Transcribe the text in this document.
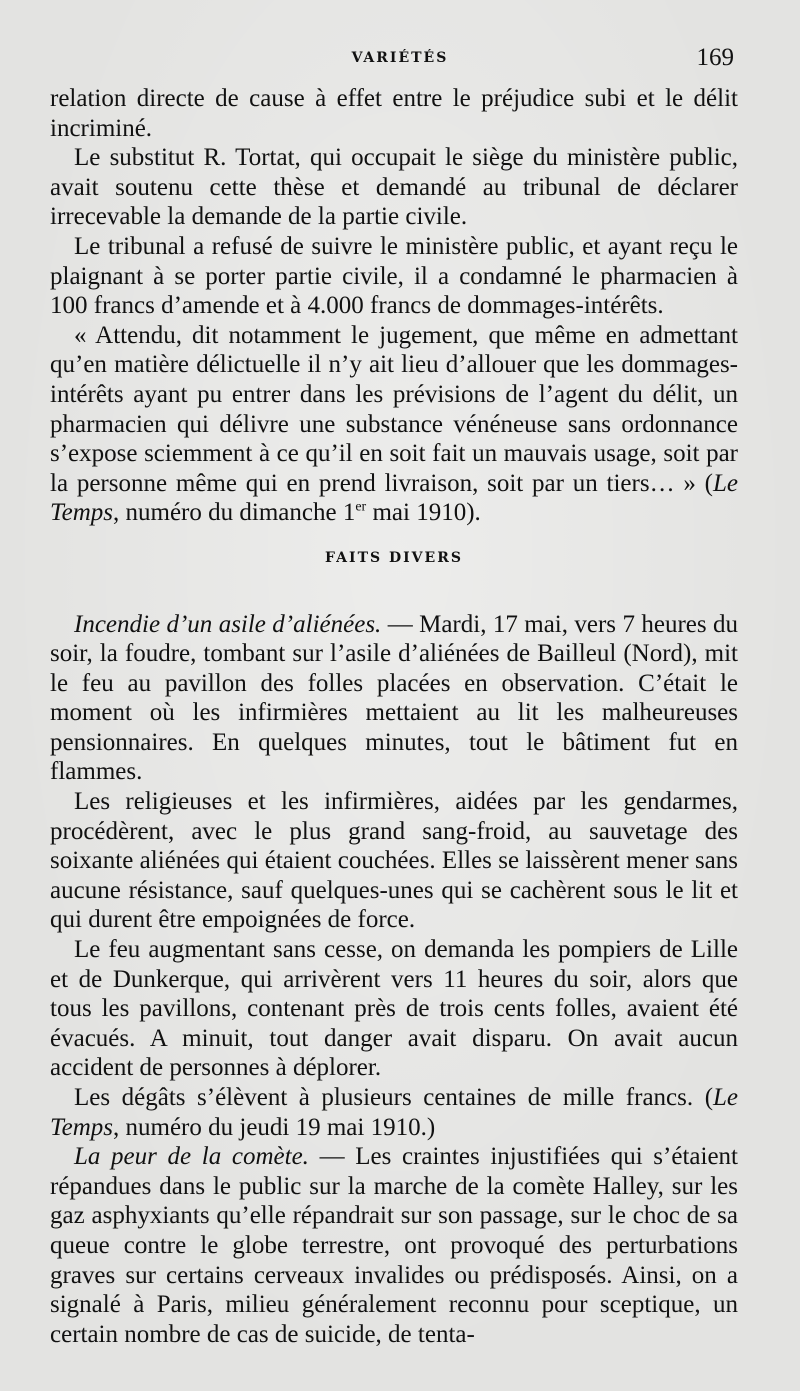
VARIÉTÉS	169

relation directe de cause à effet entre le préjudice subi et le délit incriminé.

Le substitut R. Tortat, qui occupait le siège du ministère public, avait soutenu cette thèse et demandé au tribunal de déclarer irrecevable la demande de la partie civile.

Le tribunal a refusé de suivre le ministère public, et ayant reçu le plaignant à se porter partie civile, il a condamné le pharmacien à 100 francs d’amende et à 4.000 francs de dommages-intérêts.

« Attendu, dit notamment le jugement, que même en admettant qu’en matière délictuelle il n’y ait lieu d’allouer que les dommages-intérêts ayant pu entrer dans les prévisions de l’agent du délit, un pharmacien qui délivre une substance vénéneuse sans ordonnance s’expose sciemment à ce qu’il en soit fait un mauvais usage, soit par la personne même qui en prend livraison, soit par un tiers… » (Le Temps, numéro du dimanche 1er mai 1910).

FAITS DIVERS

Incendie d’un asile d’aliénées. — Mardi, 17 mai, vers 7 heures du soir, la foudre, tombant sur l’asile d’aliénées de Bailleul (Nord), mit le feu au pavillon des folles placées en observation. C’était le moment où les infirmières mettaient au lit les malheureuses pensionnaires. En quelques minutes, tout le bâtiment fut en flammes.

Les religieuses et les infirmières, aidées par les gendarmes, procédèrent, avec le plus grand sang-froid, au sauvetage des soixante aliénées qui étaient couchées. Elles se laissèrent mener sans aucune résistance, sauf quelques-unes qui se cachèrent sous le lit et qui durent être empoignées de force.

Le feu augmentant sans cesse, on demanda les pompiers de Lille et de Dunkerque, qui arrivèrent vers 11 heures du soir, alors que tous les pavillons, contenant près de trois cents folles, avaient été évacués. A minuit, tout danger avait disparu. On avait aucun accident de personnes à déplorer.

Les dégâts s’élèvent à plusieurs centaines de mille francs. (Le Temps, numéro du jeudi 19 mai 1910.)

La peur de la comète. — Les craintes injustifiées qui s’étaient répandues dans le public sur la marche de la comète Halley, sur les gaz asphyxiants qu’elle répandrait sur son passage, sur le choc de sa queue contre le globe terrestre, ont provoqué des perturbations graves sur certains cerveaux invalides ou prédisposés. Ainsi, on a signalé à Paris, milieu généralement reconnu pour sceptique, un certain nombre de cas de suicide, de tenta-
